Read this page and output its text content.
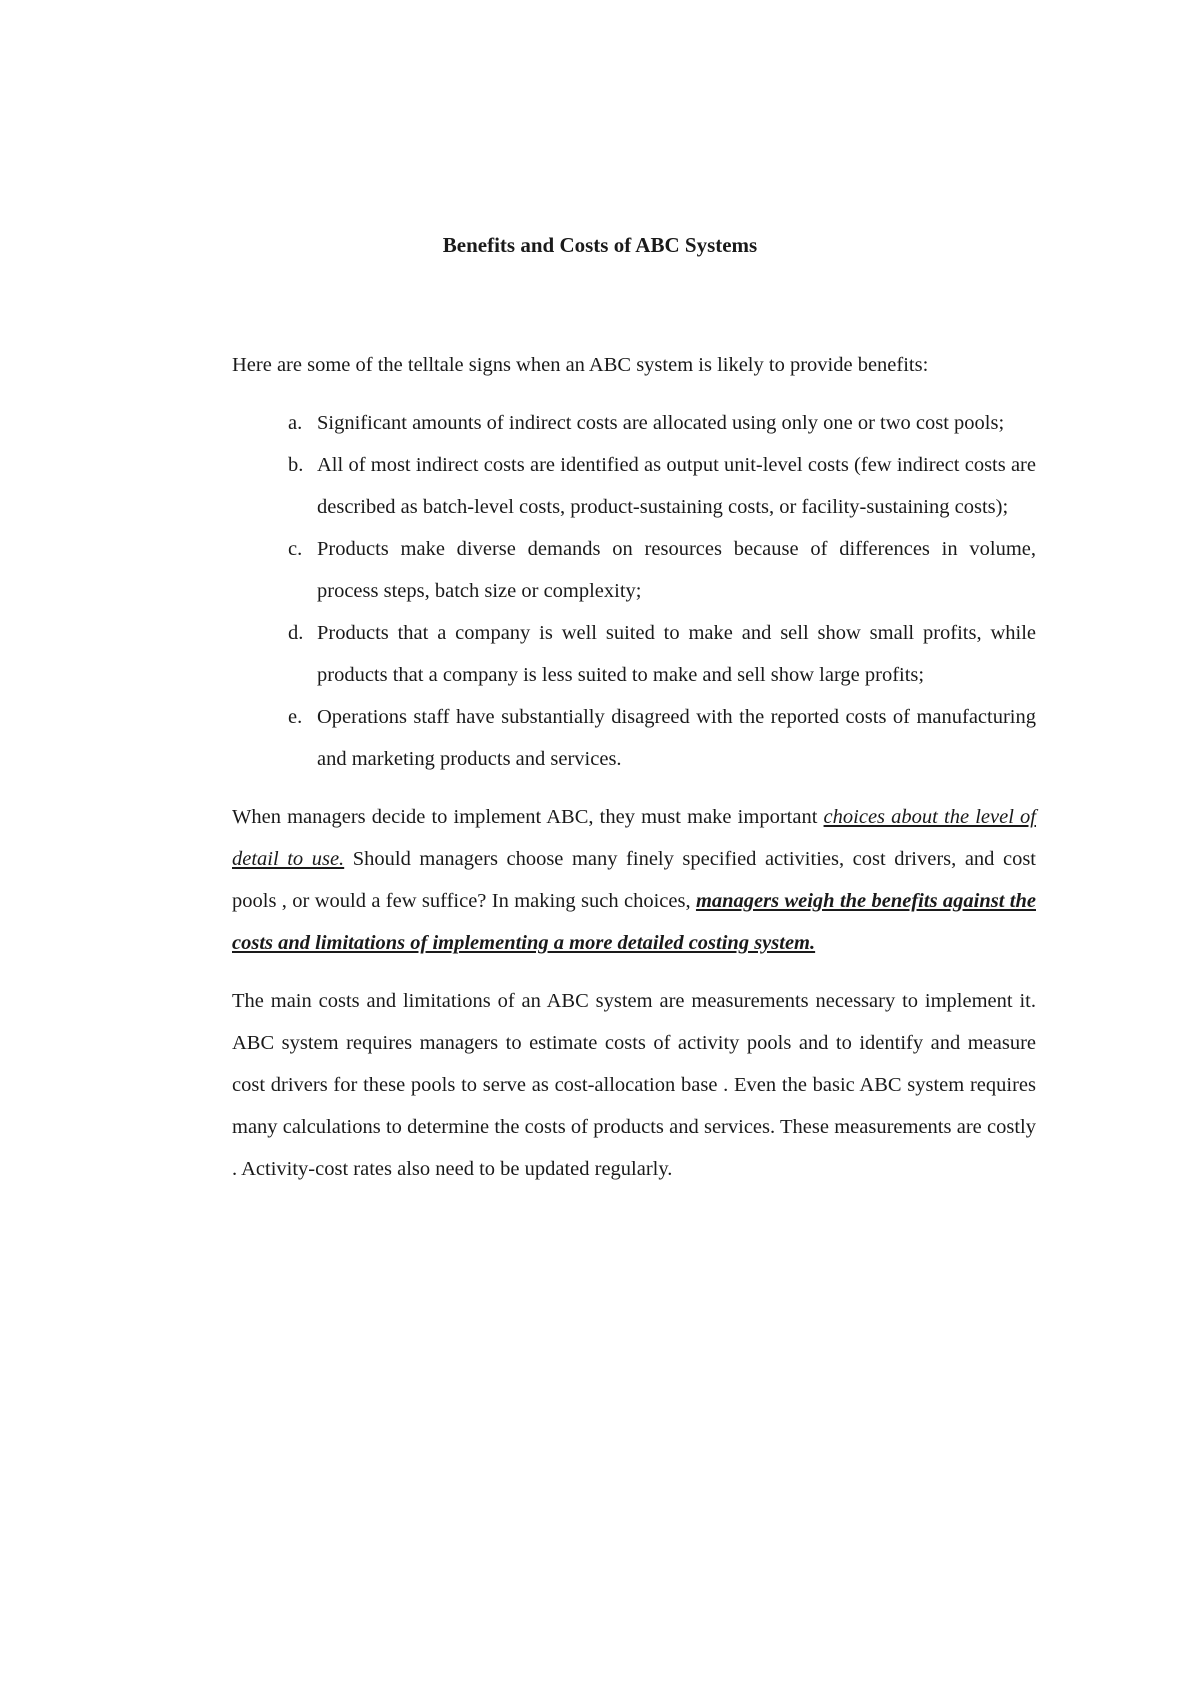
Benefits and Costs of ABC Systems

Here are some of the telltale signs when an ABC system is likely to provide benefits:

a. Significant amounts of indirect costs are allocated using only one or two cost pools;
b. All of most indirect costs are identified as output unit-level costs (few indirect costs are described as batch-level costs, product-sustaining costs, or facility-sustaining costs);
c. Products make diverse demands on resources because of differences in volume, process steps, batch size or complexity;
d. Products that a company is well suited to make and sell show small profits, while products that a company is less suited to make and sell show large profits;
e. Operations staff have substantially disagreed with the reported costs of manufacturing and marketing products and services.

When managers decide to implement ABC, they must make important choices about the level of detail to use. Should managers choose many finely specified activities, cost drivers, and cost pools , or would a few suffice? In making such choices, managers weigh the benefits against the costs and limitations of implementing a more detailed costing system.

The main costs and limitations of an ABC system are measurements necessary to implement it. ABC system requires managers to estimate costs of activity pools and to identify and measure cost drivers for these pools to serve as cost-allocation base . Even the basic ABC system requires many calculations to determine the costs of products and services. These measurements are costly . Activity-cost rates also need to be updated regularly.
